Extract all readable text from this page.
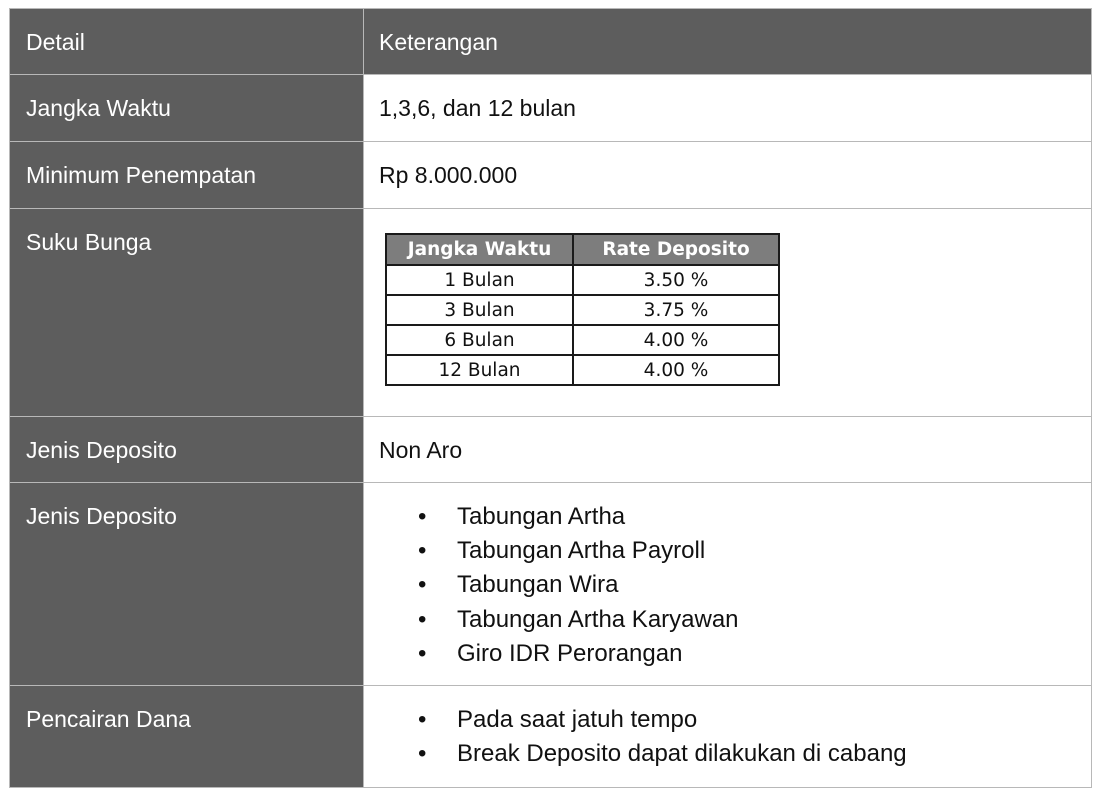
Detail	Keterangan

Jangka Waktu	1,3,6, dan 12 bulan

Minimum Penempatan	Rp 8.000.000

Suku Bunga
		Jangka Waktu	Rate Deposito
1 Bulan	3.50 %
3 Bulan	3.75 %
6 Bulan	4.00 %
12 Bulan	4.00 %

Jenis Deposito	Non Aro

Jenis Deposito	• Tabungan Artha
• Tabungan Artha Payroll
• Tabungan Wira
• Tabungan Artha Karyawan
• Giro IDR Perorangan

Pencairan Dana	• Pada saat jatuh tempo
• Break Deposito dapat dilakukan di cabang
